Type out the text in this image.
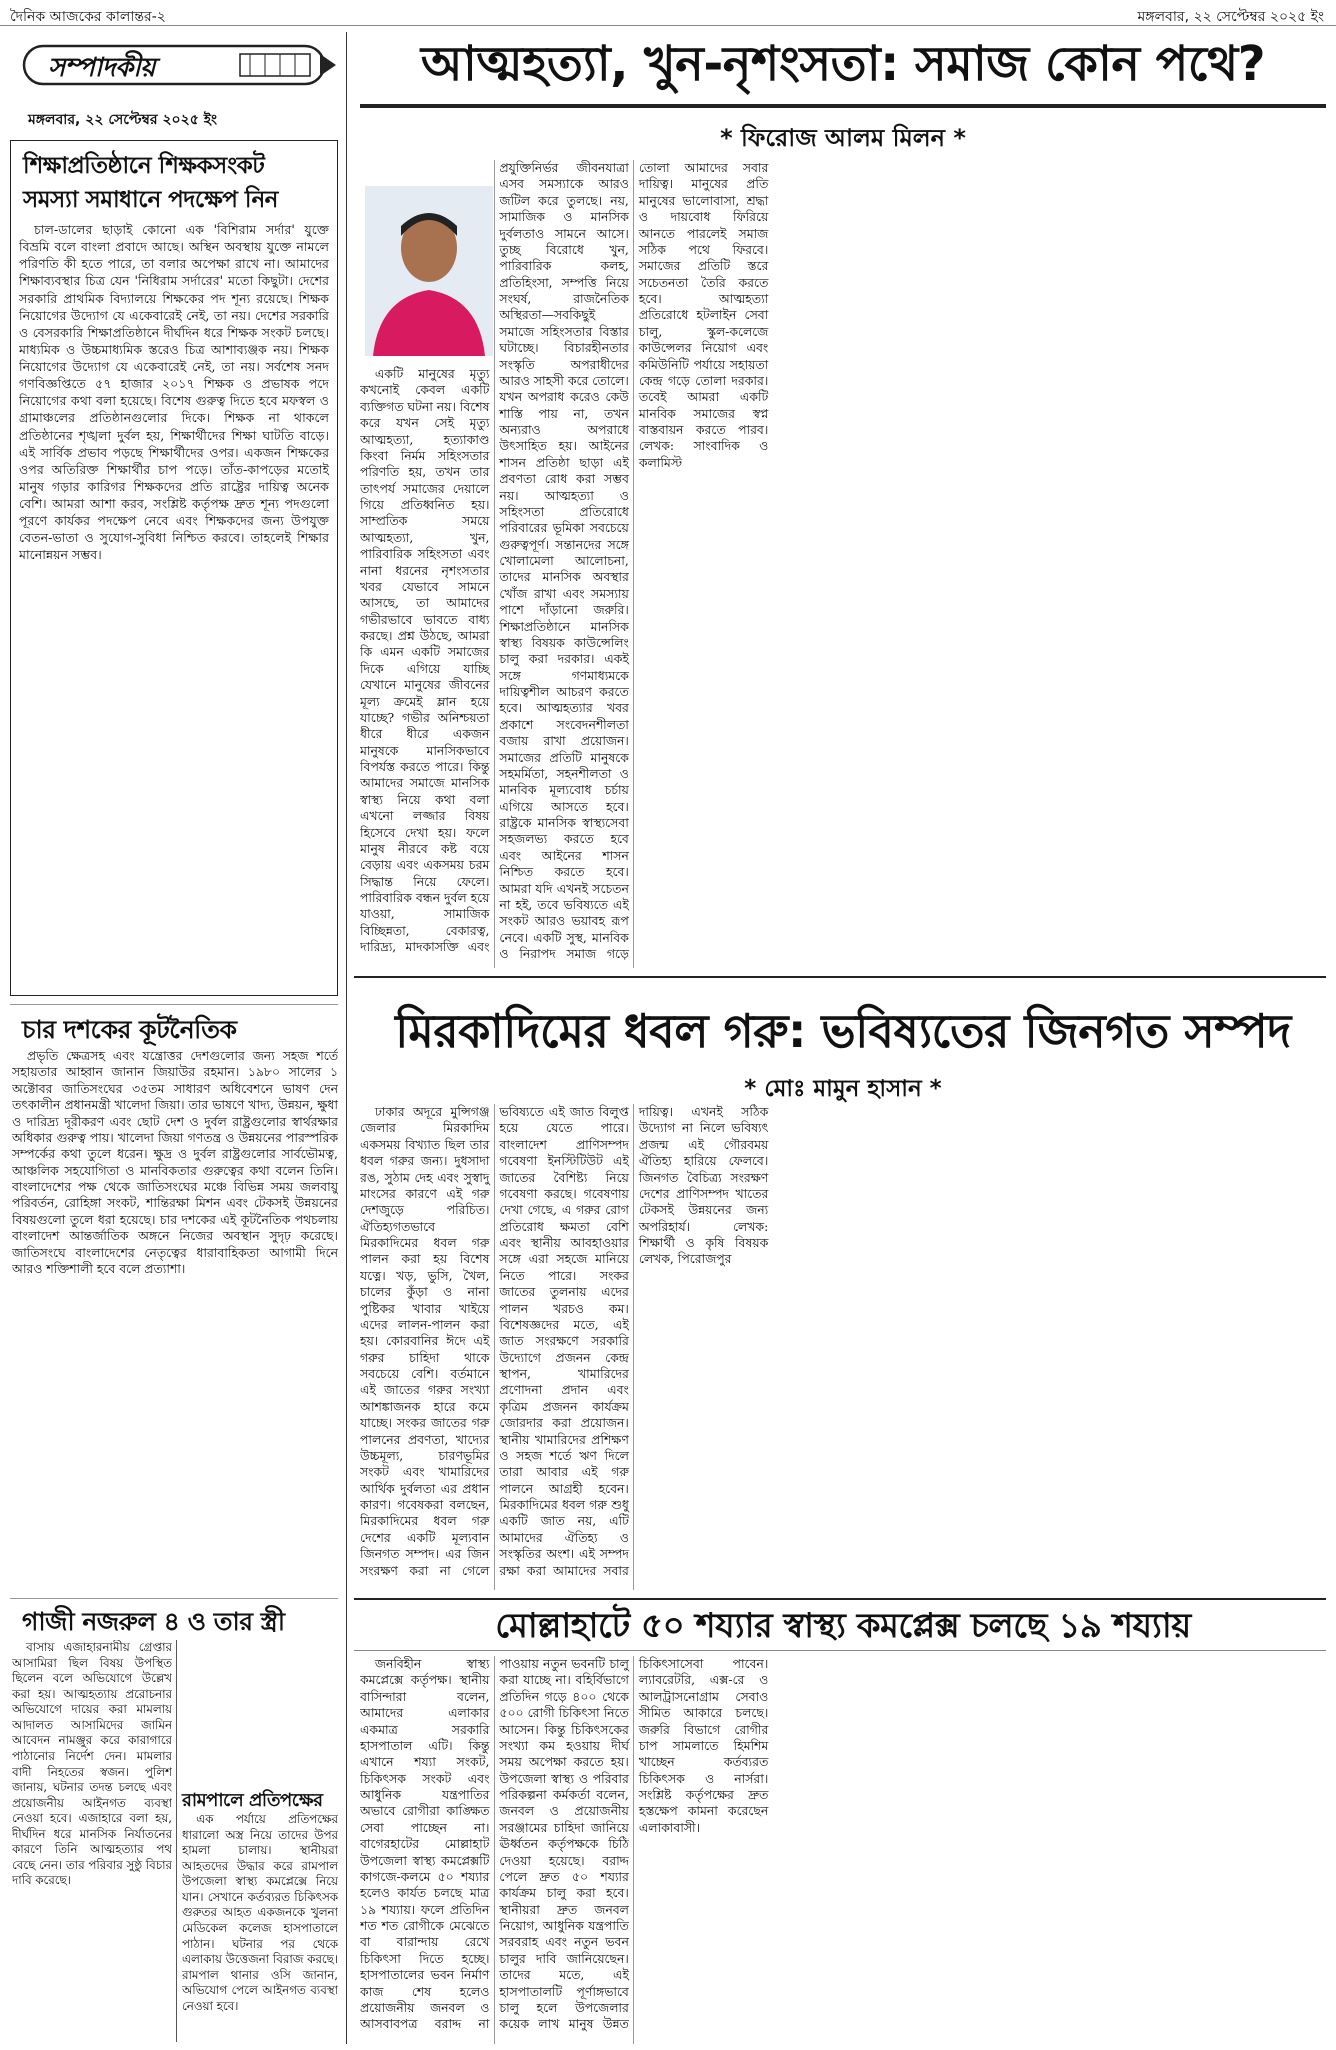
দৈনিক আজকের কালান্তর-২	মঙ্গলবার, ২২ সেপ্টেম্বর ২০২৫ ইং
সম্পাদকীয়
মঙ্গলবার, ২২ সেপ্টেম্বর ২০২৫ ইং
শিক্ষাপ্রতিষ্ঠানে শিক্ষকসংকট
সমস্যা সমাধানে পদক্ষেপ নিন

চাল-ডালের ছাড়াই কোনো এক 'বিশিরাম সর্দার' যুক্তে বিভ্রমি বলে বাংলা প্রবাদে আছে। অস্থিন অবস্থায় যুক্তে নামলে পরিণতি কী হতে পারে, তা বলার অপেক্ষা রাখে না। আমাদের শিক্ষাব্যবস্থার চিত্র যেন 'নিধিরাম সর্দারের' মতো কিছুটা। দেশের সরকারি প্রাথমিক বিদ্যালয়ে শিক্ষকের পদ শূন্য রয়েছে। শিক্ষক নিয়োগের উদ্যোগ যে একেবারেই নেই, তা নয়। দেশের সরকারি ও বেসরকারি শিক্ষাপ্রতিষ্ঠানে দীর্ঘদিন ধরে শিক্ষক সংকট চলছে। মাধ্যমিক ও উচ্চমাধ্যমিক স্তরেও চিত্র আশাব্যঞ্জক নয়। শিক্ষক নিয়োগের উদ্যোগ যে একেবারেই নেই, তা নয়। সর্বশেষ সনদ গণবিজ্ঞপ্তিতে ৫৭ হাজার ২০১৭ শিক্ষক ও প্রভাষক পদে নিয়োগের কথা বলা হয়েছে। বিশেষ গুরুত্ব দিতে হবে মফস্বল ও গ্রামাঞ্চলের প্রতিষ্ঠানগুলোর দিকে। শিক্ষক না থাকলে প্রতিষ্ঠানের শৃঙ্খলা দুর্বল হয়, শিক্ষার্থীদের শিক্ষা ঘাটতি বাড়ে। এই সার্বিক প্রভাব পড়ছে শিক্ষার্থীদের ওপর। একজন শিক্ষকের ওপর অতিরিক্ত শিক্ষার্থীর চাপ পড়ে। তাঁত-কাপড়ের মতোই মানুষ গড়ার কারিগর শিক্ষকদের প্রতি রাষ্ট্রের দায়িত্ব অনেক বেশি। আমরা আশা করব, সংশ্লিষ্ট কর্তৃপক্ষ দ্রুত শূন্য পদগুলো পূরণে কার্যকর পদক্ষেপ নেবে এবং শিক্ষকদের জন্য উপযুক্ত বেতন-ভাতা ও সুযোগ-সুবিধা নিশ্চিত করবে। তাহলেই শিক্ষার মানোন্নয়ন সম্ভব।

চার দশকের কূটনৈতিক

প্রভৃতি ক্ষেত্রসহ এবং যন্ত্রোত্তর দেশগুলোর জন্য সহজ শর্তে সহায়তার আহ্বান জানান জিয়াউর রহমান। ১৯৮০ সালের ১ অক্টোবর জাতিসংঘের ৩৫তম সাধারণ অধিবেশনে ভাষণ দেন তৎকালীন প্রধানমন্ত্রী খালেদা জিয়া। তার ভাষণে খাদ্য, উন্নয়ন, ক্ষুধা ও দারিদ্র্য দূরীকরণ এবং ছোট দেশ ও দুর্বল রাষ্ট্রগুলোর স্বার্থরক্ষার অধিকার গুরুত্ব পায়। খালেদা জিয়া গণতন্ত্র ও উন্নয়নের পারস্পরিক সম্পর্কের কথা তুলে ধরেন। ক্ষুদ্র ও দুর্বল রাষ্ট্রগুলোর সার্বভৌমত্ব, আঞ্চলিক সহযোগিতা ও মানবিকতার গুরুত্বের কথা বলেন তিনি। বাংলাদেশের পক্ষ থেকে জাতিসংঘের মঞ্চে বিভিন্ন সময় জলবায়ু পরিবর্তন, রোহিঙ্গা সংকট, শান্তিরক্ষা মিশন এবং টেকসই উন্নয়নের বিষয়গুলো তুলে ধরা হয়েছে। চার দশকের এই কূটনৈতিক পথচলায় বাংলাদেশ আন্তর্জাতিক অঙ্গনে নিজের অবস্থান সুদৃঢ় করেছে। জাতিসংঘে বাংলাদেশের নেতৃত্বের ধারাবাহিকতা আগামী দিনে আরও শক্তিশালী হবে বলে প্রত্যাশা।

গাজী নজরুল ৪ ও তার স্ত্রী

বাসায় এজাহারনামীয় গ্রেপ্তার আসামিরা ছিল বিষয় উপস্থিত ছিলেন বলে অভিযোগে উল্লেখ করা হয়। আত্মহত্যায় প্ররোচনার অভিযোগে দায়ের করা মামলায় আদালত আসামিদের জামিন আবেদন নামঞ্জুর করে কারাগারে পাঠানোর নির্দেশ দেন। মামলার বাদী নিহতের স্বজন। পুলিশ জানায়, ঘটনার তদন্ত চলছে এবং প্রয়োজনীয় আইনগত ব্যবস্থা নেওয়া হবে। এজাহারে বলা হয়, দীর্ঘদিন ধরে মানসিক নির্যাতনের কারণে তিনি আত্মহত্যার পথ বেছে নেন। তার পরিবার সুষ্ঠু বিচার দাবি করেছে।

রামপালে প্রতিপক্ষের

এক পর্যায়ে প্রতিপক্ষের ধারালো অস্ত্র নিয়ে তাদের উপর হামলা চালায়। স্থানীয়রা আহতদের উদ্ধার করে রামপাল উপজেলা স্বাস্থ্য কমপ্লেক্সে নিয়ে যান। সেখানে কর্তব্যরত চিকিৎসক গুরুতর আহত একজনকে খুলনা মেডিকেল কলেজ হাসপাতালে পাঠান। ঘটনার পর থেকে এলাকায় উত্তেজনা বিরাজ করছে। রামপাল থানার ওসি জানান, অভিযোগ পেলে আইনগত ব্যবস্থা নেওয়া হবে।

আত্মহত্যা, খুন-নৃশংসতা: সমাজ কোন পথে?
* ফিরোজ আলম মিলন *

একটি মানুষের মৃত্যু কখনোই কেবল একটি ব্যক্তিগত ঘটনা নয়। বিশেষ করে যখন সেই মৃত্যু আত্মহত্যা, হত্যাকাণ্ড কিংবা নির্মম সহিংসতার পরিণতি হয়, তখন তার তাৎপর্য সমাজের দেয়ালে গিয়ে প্রতিধ্বনিত হয়। সাম্প্রতিক সময়ে আত্মহত্যা, খুন, পারিবারিক সহিংসতা এবং নানা ধরনের নৃশংসতার খবর যেভাবে সামনে আসছে, তা আমাদের গভীরভাবে ভাবতে বাধ্য করছে। প্রশ্ন উঠছে, আমরা কি এমন একটি সমাজের দিকে এগিয়ে যাচ্ছি যেখানে মানুষের জীবনের মূল্য ক্রমেই ম্লান হয়ে যাচ্ছে? গভীর অনিশ্চয়তা ধীরে ধীরে একজন মানুষকে মানসিকভাবে বিপর্যস্ত করতে পারে। কিন্তু আমাদের সমাজে মানসিক স্বাস্থ্য নিয়ে কথা বলা এখনো লজ্জার বিষয় হিসেবে দেখা হয়। ফলে মানুষ নীরবে কষ্ট বয়ে বেড়ায় এবং একসময় চরম সিদ্ধান্ত নিয়ে ফেলে। পারিবারিক বন্ধন দুর্বল হয়ে যাওয়া, সামাজিক বিচ্ছিন্নতা, বেকারত্ব, দারিদ্র্য, মাদকাসক্তি এবং প্রযুক্তিনির্ভর জীবনযাত্রা এসব সমস্যাকে আরও জটিল করে তুলছে। নয়, সামাজিক ও মানসিক দুর্বলতাও সামনে আসে। তুচ্ছ বিরোধে খুন, পারিবারিক কলহ, প্রতিহিংসা, সম্পত্তি নিয়ে সংঘর্ষ, রাজনৈতিক অস্থিরতা—সবকিছুই সমাজে সহিংসতার বিস্তার ঘটাচ্ছে। বিচারহীনতার সংস্কৃতি অপরাধীদের আরও সাহসী করে তোলে। যখন অপরাধ করেও কেউ শাস্তি পায় না, তখন অন্যরাও অপরাধে উৎসাহিত হয়। আইনের শাসন প্রতিষ্ঠা ছাড়া এই প্রবণতা রোধ করা সম্ভব নয়। আত্মহত্যা ও সহিংসতা প্রতিরোধে পরিবারের ভূমিকা সবচেয়ে গুরুত্বপূর্ণ। সন্তানদের সঙ্গে খোলামেলা আলোচনা, তাদের মানসিক অবস্থার খোঁজ রাখা এবং সমস্যায় পাশে দাঁড়ানো জরুরি। শিক্ষাপ্রতিষ্ঠানে মানসিক স্বাস্থ্য বিষয়ক কাউন্সেলিং চালু করা দরকার। একই সঙ্গে গণমাধ্যমকে দায়িত্বশীল আচরণ করতে হবে। আত্মহত্যার খবর প্রকাশে সংবেদনশীলতা বজায় রাখা প্রয়োজন। সমাজের প্রতিটি মানুষকে সহমর্মিতা, সহনশীলতা ও মানবিক মূল্যবোধ চর্চায় এগিয়ে আসতে হবে। রাষ্ট্রকে মানসিক স্বাস্থ্যসেবা সহজলভ্য করতে হবে এবং আইনের শাসন নিশ্চিত করতে হবে। আমরা যদি এখনই সচেতন না হই, তবে ভবিষ্যতে এই সংকট আরও ভয়াবহ রূপ নেবে। একটি সুস্থ, মানবিক ও নিরাপদ সমাজ গড়ে তোলা আমাদের সবার দায়িত্ব। মানুষের প্রতি মানুষের ভালোবাসা, শ্রদ্ধা ও দায়বোধ ফিরিয়ে আনতে পারলেই সমাজ সঠিক পথে ফিরবে। সমাজের প্রতিটি স্তরে সচেতনতা তৈরি করতে হবে। আত্মহত্যা প্রতিরোধে হটলাইন সেবা চালু, স্কুল-কলেজে কাউন্সেলর নিয়োগ এবং কমিউনিটি পর্যায়ে সহায়তা কেন্দ্র গড়ে তোলা দরকার। তবেই আমরা একটি মানবিক সমাজের স্বপ্ন বাস্তবায়ন করতে পারব। লেখক: সাংবাদিক ও কলামিস্ট

মিরকাদিমের ধবল গরু: ভবিষ্যতের জিনগত সম্পদ
* মোঃ মামুন হাসান *

ঢাকার অদূরে মুন্সিগঞ্জ জেলার মিরকাদিম একসময় বিখ্যাত ছিল তার ধবল গরুর জন্য। দুধসাদা রঙ, সুঠাম দেহ এবং সুস্বাদু মাংসের কারণে এই গরু দেশজুড়ে পরিচিত। ঐতিহ্যগতভাবে মিরকাদিমের ধবল গরু পালন করা হয় বিশেষ যত্নে। খড়, ভুসি, খৈল, চালের কুঁড়া ও নানা পুষ্টিকর খাবার খাইয়ে এদের লালন-পালন করা হয়। কোরবানির ঈদে এই গরুর চাহিদা থাকে সবচেয়ে বেশি। বর্তমানে এই জাতের গরুর সংখ্যা আশঙ্কাজনক হারে কমে যাচ্ছে। সংকর জাতের গরু পালনের প্রবণতা, খাদ্যের উচ্চমূল্য, চারণভূমির সংকট এবং খামারিদের আর্থিক দুর্বলতা এর প্রধান কারণ। গবেষকরা বলছেন, মিরকাদিমের ধবল গরু দেশের একটি মূল্যবান জিনগত সম্পদ। এর জিন সংরক্ষণ করা না গেলে ভবিষ্যতে এই জাত বিলুপ্ত হয়ে যেতে পারে। বাংলাদেশ প্রাণিসম্পদ গবেষণা ইনস্টিটিউট এই জাতের বৈশিষ্ট্য নিয়ে গবেষণা করছে। গবেষণায় দেখা গেছে, এ গরুর রোগ প্রতিরোধ ক্ষমতা বেশি এবং স্থানীয় আবহাওয়ার সঙ্গে এরা সহজে মানিয়ে নিতে পারে। সংকর জাতের তুলনায় এদের পালন খরচও কম। বিশেষজ্ঞদের মতে, এই জাত সংরক্ষণে সরকারি উদ্যোগে প্রজনন কেন্দ্র স্থাপন, খামারিদের প্রণোদনা প্রদান এবং কৃত্রিম প্রজনন কার্যক্রম জোরদার করা প্রয়োজন। স্থানীয় খামারিদের প্রশিক্ষণ ও সহজ শর্তে ঋণ দিলে তারা আবার এই গরু পালনে আগ্রহী হবেন। মিরকাদিমের ধবল গরু শুধু একটি জাত নয়, এটি আমাদের ঐতিহ্য ও সংস্কৃতির অংশ। এই সম্পদ রক্ষা করা আমাদের সবার দায়িত্ব। এখনই সঠিক উদ্যোগ না নিলে ভবিষ্যৎ প্রজন্ম এই গৌরবময় ঐতিহ্য হারিয়ে ফেলবে। জিনগত বৈচিত্র্য সংরক্ষণ দেশের প্রাণিসম্পদ খাতের টেকসই উন্নয়নের জন্য অপরিহার্য। লেখক: শিক্ষার্থী ও কৃষি বিষয়ক লেখক, পিরোজপুর

মোল্লাহাটে ৫০ শয্যার স্বাস্থ্য কমপ্লেক্স চলছে ১৯ শয্যায়

জনবিহীন স্বাস্থ্য কমপ্লেক্সে কর্তৃপক্ষ। স্থানীয় বাসিন্দারা বলেন, আমাদের এলাকার একমাত্র সরকারি হাসপাতাল এটি। কিন্তু এখানে শয্যা সংকট, চিকিৎসক সংকট এবং আধুনিক যন্ত্রপাতির অভাবে রোগীরা কাঙ্ক্ষিত সেবা পাচ্ছেন না। বাগেরহাটের মোল্লাহাট উপজেলা স্বাস্থ্য কমপ্লেক্সটি কাগজে-কলমে ৫০ শয্যার হলেও কার্যত চলছে মাত্র ১৯ শয্যায়। ফলে প্রতিদিন শত শত রোগীকে মেঝেতে বা বারান্দায় রেখে চিকিৎসা দিতে হচ্ছে। হাসপাতালের ভবন নির্মাণ কাজ শেষ হলেও প্রয়োজনীয় জনবল ও আসবাবপত্র বরাদ্দ না পাওয়ায় নতুন ভবনটি চালু করা যাচ্ছে না। বহির্বিভাগে প্রতিদিন গড়ে ৪০০ থেকে ৫০০ রোগী চিকিৎসা নিতে আসেন। কিন্তু চিকিৎসকের সংখ্যা কম হওয়ায় দীর্ঘ সময় অপেক্ষা করতে হয়। উপজেলা স্বাস্থ্য ও পরিবার পরিকল্পনা কর্মকর্তা বলেন, জনবল ও প্রয়োজনীয় সরঞ্জামের চাহিদা জানিয়ে ঊর্ধ্বতন কর্তৃপক্ষকে চিঠি দেওয়া হয়েছে। বরাদ্দ পেলে দ্রুত ৫০ শয্যার কার্যক্রম চালু করা হবে। স্থানীয়রা দ্রুত জনবল নিয়োগ, আধুনিক যন্ত্রপাতি সরবরাহ এবং নতুন ভবন চালুর দাবি জানিয়েছেন। তাদের মতে, এই হাসপাতালটি পূর্ণাঙ্গভাবে চালু হলে উপজেলার কয়েক লাখ মানুষ উন্নত চিকিৎসাসেবা পাবেন। ল্যাবরেটরি, এক্স-রে ও আলট্রাসনোগ্রাম সেবাও সীমিত আকারে চলছে। জরুরি বিভাগে রোগীর চাপ সামলাতে হিমশিম খাচ্ছেন কর্তব্যরত চিকিৎসক ও নার্সরা। সংশ্লিষ্ট কর্তৃপক্ষের দ্রুত হস্তক্ষেপ কামনা করেছেন এলাকাবাসী।
